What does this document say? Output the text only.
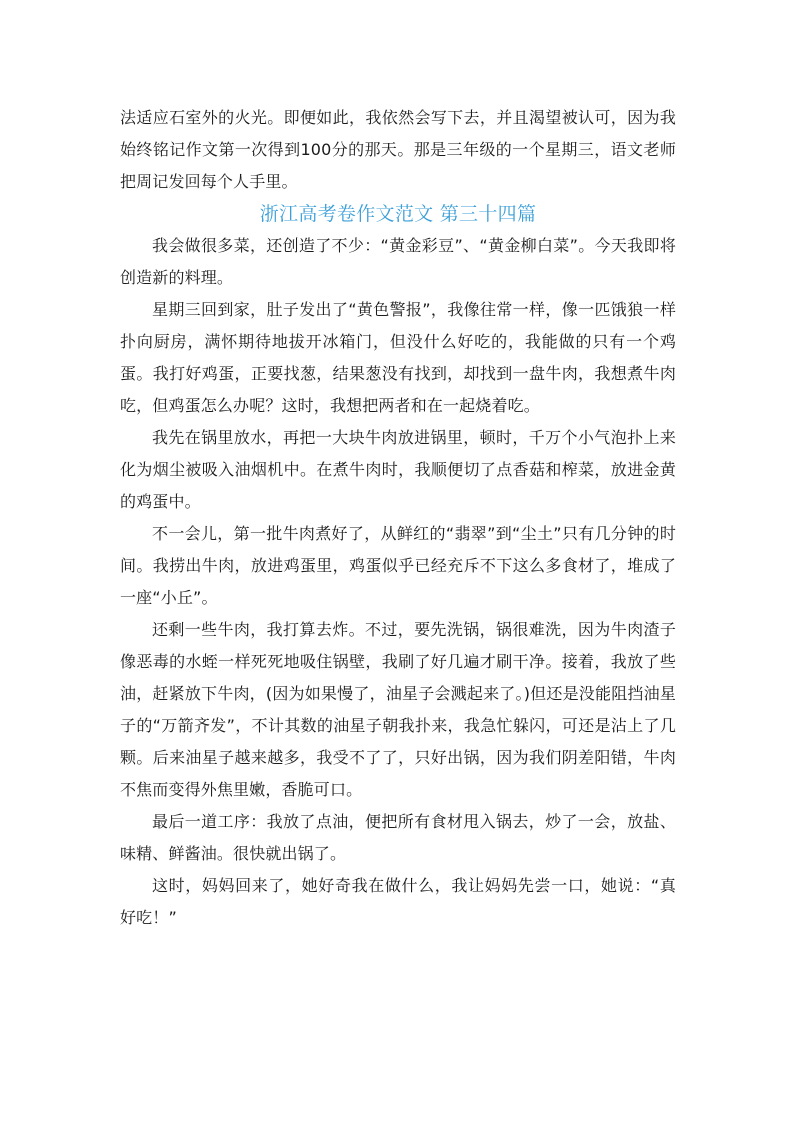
法适应石室外的火光。即便如此，我依然会写下去，并且渴望被认可，因为我始终铭记作文第一次得到100分的那天。那是三年级的一个星期三，语文老师把周记发回每个人手里。

浙江高考卷作文范文 第三十四篇

我会做很多菜，还创造了不少：“黄金彩豆”、“黄金柳白菜”。今天我即将创造新的料理。

星期三回到家，肚子发出了“黄色警报”，我像往常一样，像一匹饿狼一样扑向厨房，满怀期待地拔开冰箱门，但没什么好吃的，我能做的只有一个鸡蛋。我打好鸡蛋，正要找葱，结果葱没有找到，却找到一盘牛肉，我想煮牛肉吃，但鸡蛋怎么办呢？这时，我想把两者和在一起烧着吃。

我先在锅里放水，再把一大块牛肉放进锅里，顿时，千万个小气泡扑上来化为烟尘被吸入油烟机中。在煮牛肉时，我顺便切了点香菇和榨菜，放进金黄的鸡蛋中。

不一会儿，第一批牛肉煮好了，从鲜红的“翡翠”到“尘土”只有几分钟的时间。我捞出牛肉，放进鸡蛋里，鸡蛋似乎已经充斥不下这么多食材了，堆成了一座“小丘”。

还剩一些牛肉，我打算去炸。不过，要先洗锅，锅很难洗，因为牛肉渣子像恶毒的水蛭一样死死地吸住锅壁，我刷了好几遍才刷干净。接着，我放了些油，赶紧放下牛肉，(因为如果慢了，油星子会溅起来了。)但还是没能阻挡油星子的“万箭齐发”，不计其数的油星子朝我扑来，我急忙躲闪，可还是沾上了几颗。后来油星子越来越多，我受不了了，只好出锅，因为我们阴差阳错，牛肉不焦而变得外焦里嫩，香脆可口。

最后一道工序：我放了点油，便把所有食材甩入锅去，炒了一会，放盐、味精、鲜酱油。很快就出锅了。

这时，妈妈回来了，她好奇我在做什么，我让妈妈先尝一口，她说：“真好吃！”
